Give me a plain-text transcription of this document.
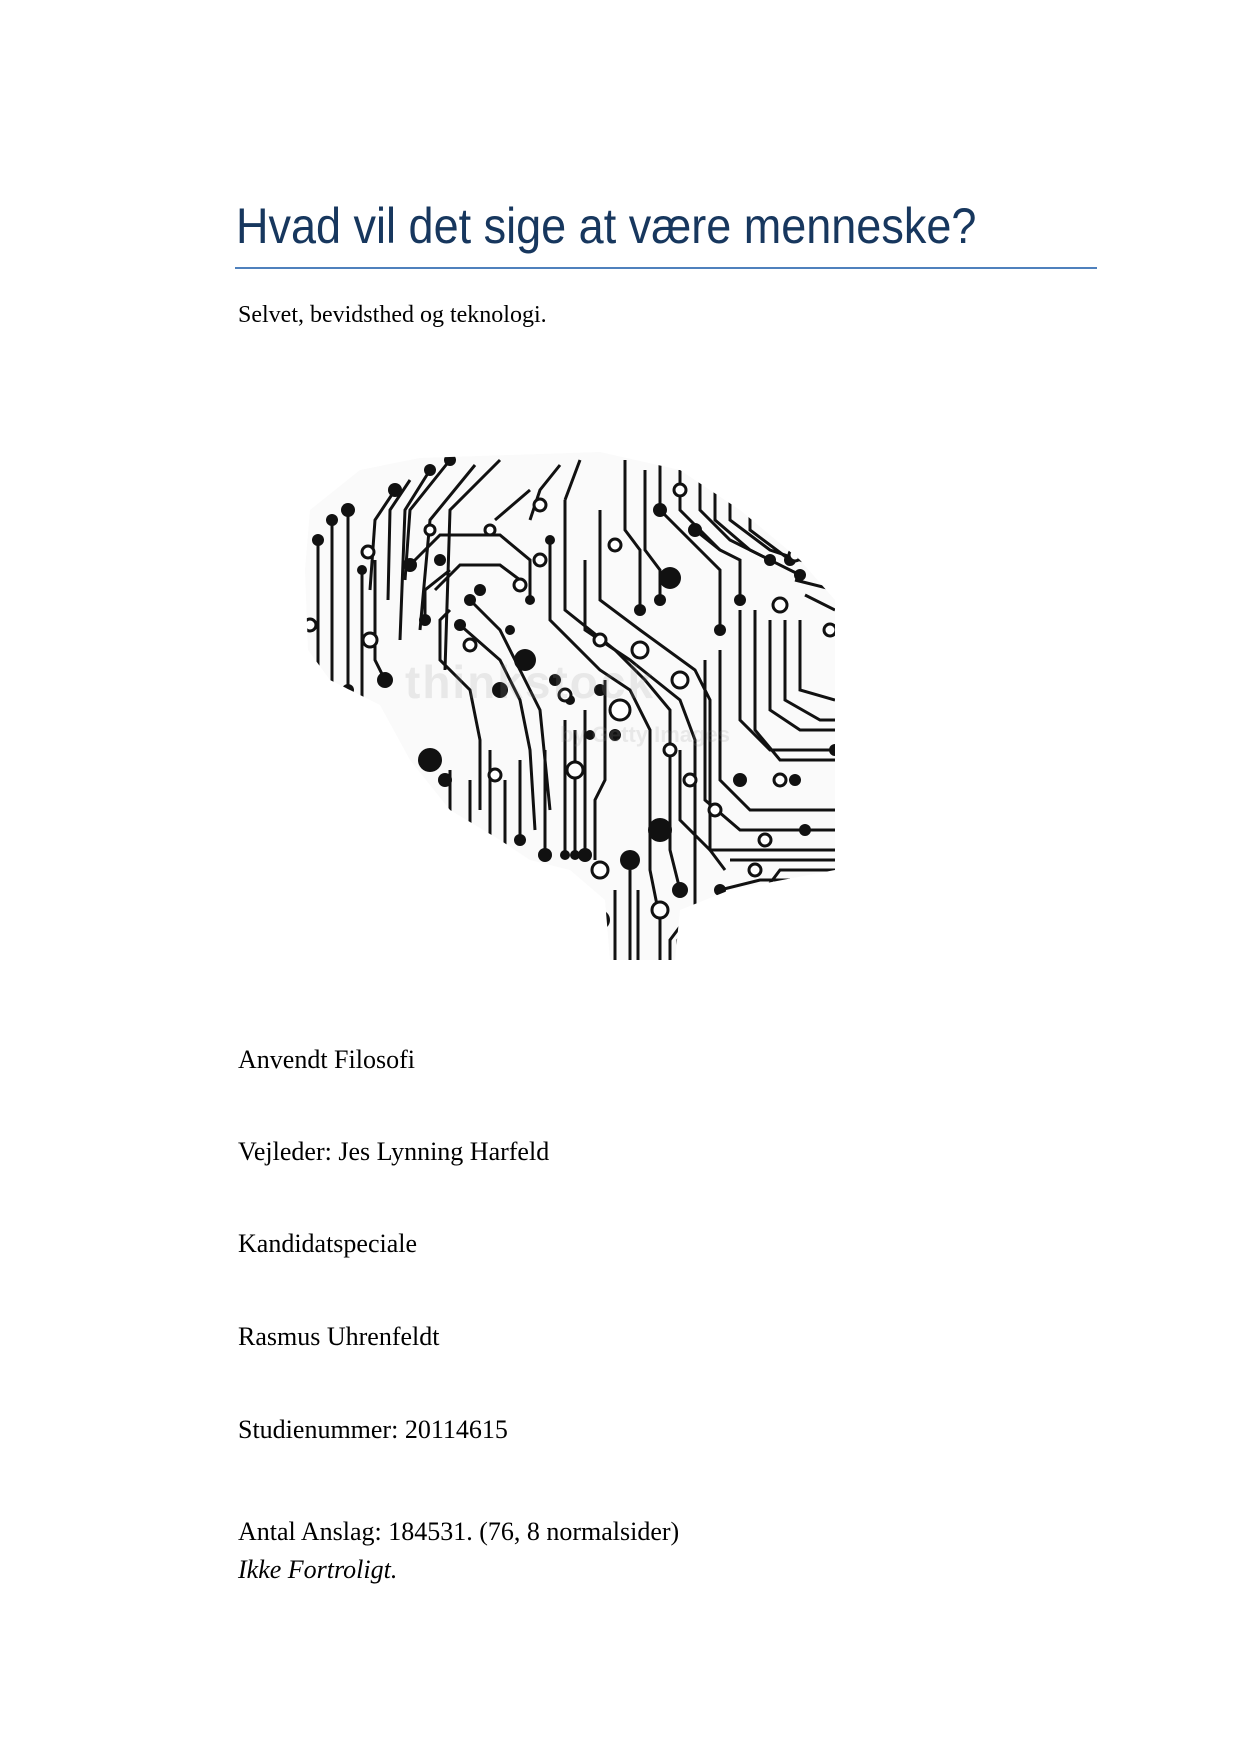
Hvad vil det sige at være menneske?
Selvet, bevidsthed og teknologi.
thinkstock
by Getty Images
Anvendt Filosofi
Vejleder: Jes Lynning Harfeld
Kandidatspeciale
Rasmus Uhrenfeldt
Studienummer: 20114615
Antal Anslag: 184531. (76, 8 normalsider)
Ikke Fortroligt.
